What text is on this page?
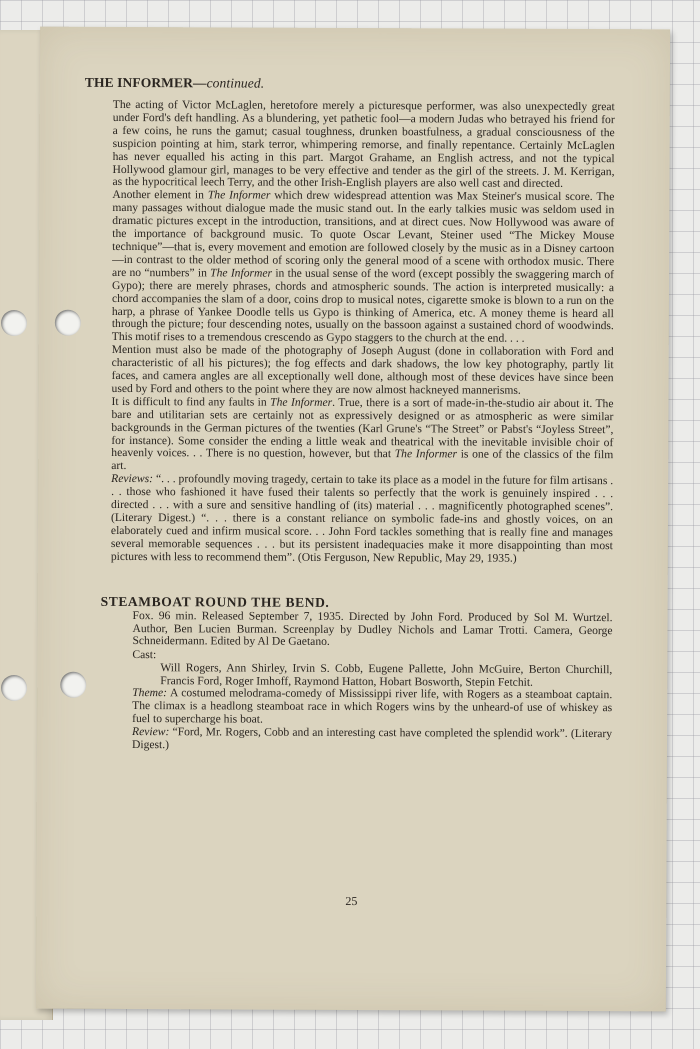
THE INFORMER—continued.

The acting of Victor McLaglen, heretofore merely a picturesque performer, was also unexpectedly great under Ford's deft handling. As a blundering, yet pathetic fool—a modern Judas who betrayed his friend for a few coins, he runs the gamut; casual toughness, drunken boastfulness, a gradual consciousness of the suspicion pointing at him, stark terror, whimpering remorse, and finally repentance. Certainly McLaglen has never equalled his acting in this part. Margot Grahame, an English actress, and not the typical Hollywood glamour girl, manages to be very effective and tender as the girl of the streets. J. M. Kerrigan, as the hypocritical leech Terry, and the other Irish-English players are also well cast and directed.

Another element in The Informer which drew widespread attention was Max Steiner's musical score. The many passages without dialogue made the music stand out. In the early talkies music was seldom used in dramatic pictures except in the introduction, transitions, and at direct cues. Now Hollywood was aware of the importance of background music. To quote Oscar Levant, Steiner used “The Mickey Mouse technique”—that is, every movement and emotion are followed closely by the music as in a Disney cartoon—in contrast to the older method of scoring only the general mood of a scene with orthodox music. There are no “numbers” in The Informer in the usual sense of the word (except possibly the swaggering march of Gypo); there are merely phrases, chords and atmospheric sounds. The action is interpreted musically: a chord accompanies the slam of a door, coins drop to musical notes, cigarette smoke is blown to a run on the harp, a phrase of Yankee Doodle tells us Gypo is thinking of America, etc. A money theme is heard all through the picture; four descending notes, usually on the bassoon against a sustained chord of woodwinds. This motif rises to a tremendous crescendo as Gypo staggers to the church at the end. . . .

Mention must also be made of the photography of Joseph August (done in collaboration with Ford and characteristic of all his pictures); the fog effects and dark shadows, the low key photography, partly lit faces, and camera angles are all exceptionally well done, although most of these devices have since been used by Ford and others to the point where they are now almost hackneyed mannerisms.

It is difficult to find any faults in The Informer. True, there is a sort of made-in-the-studio air about it. The bare and utilitarian sets are certainly not as expressively designed or as atmospheric as were similar backgrounds in the German pictures of the twenties (Karl Grune's “The Street” or Pabst's “Joyless Street”, for instance). Some consider the ending a little weak and theatrical with the inevitable invisible choir of heavenly voices. . . There is no question, however, but that The Informer is one of the classics of the film art.

Reviews: “. . . profoundly moving tragedy, certain to take its place as a model in the future for film artisans . . . those who fashioned it have fused their talents so perfectly that the work is genuinely inspired . . . directed . . . with a sure and sensitive handling of (its) material . . . magnificently photographed scenes”. (Literary Digest.) “. . . there is a constant reliance on symbolic fade-ins and ghostly voices, on an elaborately cued and infirm musical score. . . John Ford tackles something that is really fine and manages several memorable sequences . . . but its persistent inadequacies make it more disappointing than most pictures with less to recommend them”. (Otis Ferguson, New Republic, May 29, 1935.)

STEAMBOAT ROUND THE BEND.
Fox. 96 min. Released September 7, 1935. Directed by John Ford. Produced by Sol M. Wurtzel. Author, Ben Lucien Burman. Screenplay by Dudley Nichols and Lamar Trotti. Camera, George Schneidermann. Edited by Al De Gaetano.
Cast:
Will Rogers, Ann Shirley, Irvin S. Cobb, Eugene Pallette, John McGuire, Berton Churchill, Francis Ford, Roger Imhoff, Raymond Hatton, Hobart Bosworth, Stepin Fetchit.
Theme: A costumed melodrama-comedy of Mississippi river life, with Rogers as a steamboat captain. The climax is a headlong steamboat race in which Rogers wins by the unheard-of use of whiskey as fuel to supercharge his boat.
Review: “Ford, Mr. Rogers, Cobb and an interesting cast have completed the splendid work”. (Literary Digest.)
25
